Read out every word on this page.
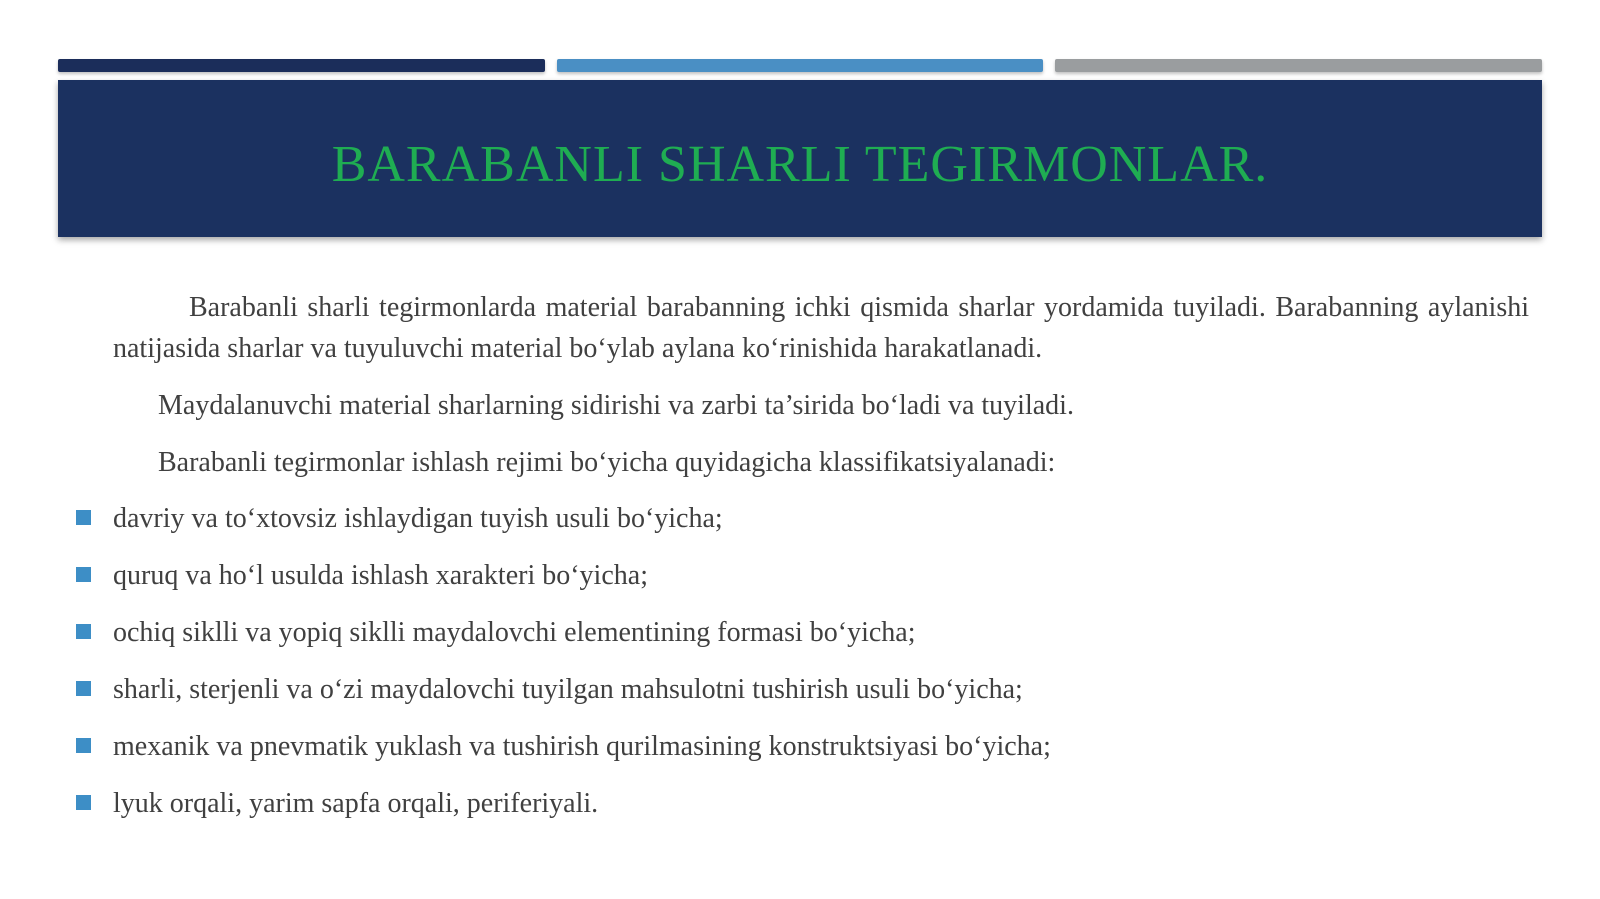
BARABANLI SHARLI TEGIRMONLAR.

Barabanli sharli tegirmonlarda material barabanning ichki qismida sharlar yordamida tuyiladi. Barabanning aylanishi natijasida sharlar va tuyuluvchi material bo‘ylab aylana ko‘rinishida harakatlanadi.

Maydalanuvchi material sharlarning sidirishi va zarbi ta’sirida bo‘ladi va tuyiladi.

Barabanli tegirmonlar ishlash rejimi bo‘yicha quyidagicha klassifikatsiyalanadi:

davriy va to‘xtovsiz ishlaydigan tuyish usuli bo‘yicha;
quruq va ho‘l usulda ishlash xarakteri bo‘yicha;
ochiq siklli va yopiq siklli maydalovchi elementining formasi bo‘yicha;
sharli, sterjenli va o‘zi maydalovchi tuyilgan mahsulotni tushirish usuli bo‘yicha;
mexanik va pnevmatik yuklash va tushirish qurilmasining konstruktsiyasi bo‘yicha;
lyuk orqali, yarim sapfa orqali, periferiyali.
